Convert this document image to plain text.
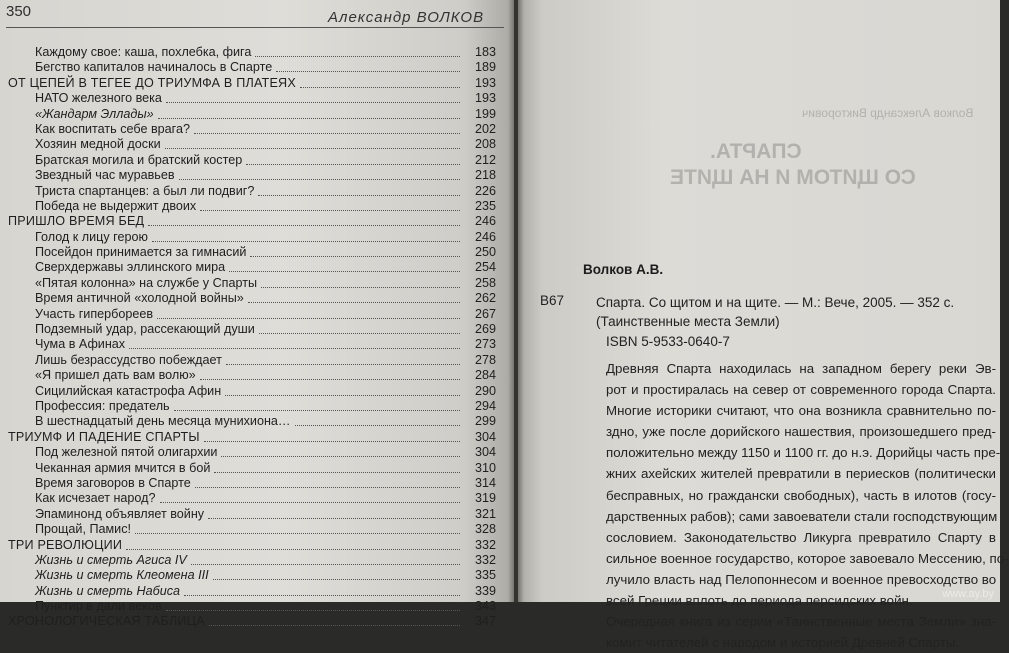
350	Александр ВОЛКОВ
Каждому свое: каша, похлебка, фига	183
Бегство капиталов начиналось в Спарте	189
ОТ ЦЕПЕЙ В ТЕГЕЕ ДО ТРИУМФА В ПЛАТЕЯХ	193
НАТО железного века	193
«Жандарм Эллады»	199
Как воспитать себе врага?	202
Хозяин медной доски	208
Братская могила и братский костер	212
Звездный час муравьев	218
Триста спартанцев: а был ли подвиг?	226
Победа не выдержит двоих	235
ПРИШЛО ВРЕМЯ БЕД	246
Голод к лицу герою	246
Посейдон принимается за гимнасий	250
Сверхдержавы эллинского мира	254
«Пятая колонна» на службе у Спарты	258
Время античной «холодной войны»	262
Участь гипербореев	267
Подземный удар, рассекающий души	269
Чума в Афинах	273
Лишь безрассудство побеждает	278
«Я пришел дать вам волю»	284
Сицилийская катастрофа Афин	290
Профессия: предатель	294
В шестнадцатый день месяца мунихиона…	299
ТРИУМФ И ПАДЕНИЕ СПАРТЫ	304
Под железной пятой олигархии	304
Чеканная армия мчится в бой	310
Время заговоров в Спарте	314
Как исчезает народ?	319
Эпаминонд объявляет войну	321
Прощай, Памис!	328
ТРИ РЕВОЛЮЦИИ	332
Жизнь и смерть Агиса IV	332
Жизнь и смерть Клеомена III	335
Жизнь и смерть Набиса	339
Пунктир в дали веков	343
ХРОНОЛОГИЧЕСКАЯ ТАБЛИЦА	347
Волков Александр Викторович
СПАРТА.
СО ЩИТОМ И НА ЩИТЕ
Волков А.В.
В67 Спарта. Со щитом и на щите. — М.: Вече, 2005. — 352 с. (Таинственные места Земли)
ISBN 5-9533-0640-7

Древняя Спарта находилась на западном берегу реки Эв-
рот и простиралась на север от современного города Спарта.
Многие историки считают, что она возникла сравнительно по-
здно, уже после дорийского нашествия, произошедшего пред-
положительно между 1150 и 1100 гг. до н.э. Дорийцы часть пре-
жних ахейских жителей превратили в периесков (политически
бесправных, но граждански свободных), часть в илотов (госу-
дарственных рабов); сами завоеватели стали господствующим
сословием. Законодательство Ликурга превратило Спарту в
сильное военное государство, которое завоевало Мессению, по-
лучило власть над Пелопоннесом и военное превосходство во
всей Греции вплоть до периода персидских войн.

Очередная книга из серии «Таинственные места Земли» зна-
комит читателей с народом и историей Древней Спарты.

www.ay.by
